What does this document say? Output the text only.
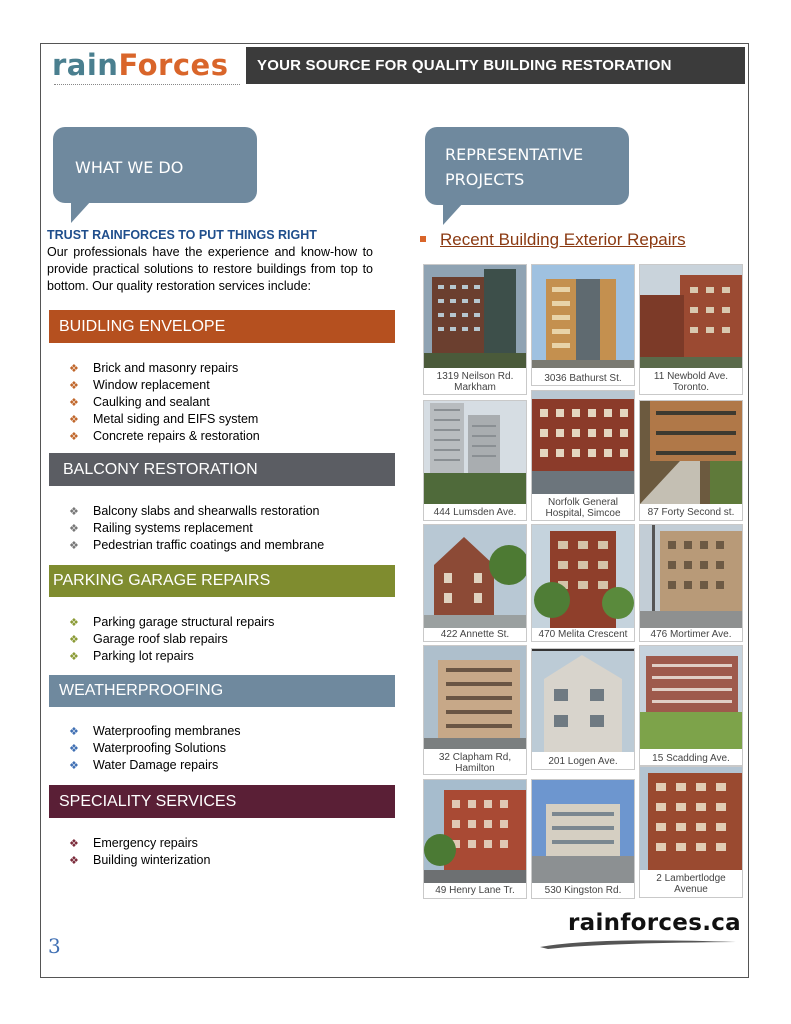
rainForces	YOUR SOURCE FOR QUALITY BUILDING RESTORATION
WHAT WE DO
REPRESENTATIVE
PROJECTS
TRUST RAINFORCES TO PUT THINGS RIGHT
Our professionals have the experience and know-how to provide practical solutions to restore buildings from top to bottom. Our quality restoration services include:
BUIDLING ENVELOPE
❖ Brick and masonry repairs
❖ Window replacement
❖ Caulking and sealant
❖ Metal siding and EIFS system
❖ Concrete repairs & restoration
BALCONY RESTORATION
❖ Balcony slabs and shearwalls restoration
❖ Railing systems replacement
❖ Pedestrian traffic coatings and membrane
PARKING GARAGE REPAIRS
❖ Parking garage structural repairs
❖ Garage roof slab repairs
❖ Parking lot repairs
WEATHERPROOFING
❖ Waterproofing membranes
❖ Waterproofing Solutions
❖ Water Damage repairs
SPECIALITY SERVICES
❖ Emergency repairs
❖ Building winterization
Recent Building Exterior Repairs
1319 Neilson Rd.
Markham
3036 Bathurst St.	11 Newbold Ave.
Toronto.
444 Lumsden Ave.
Norfolk General
Hospital, Simcoe	87 Forty Second st.
422 Annette St.	470 Melita Crescent	476 Mortimer Ave.
32 Clapham Rd,
Hamilton
201 Logen Ave.	15 Scadding Ave.
49 Henry Lane Tr.	530 Kingston Rd.
2 Lambertlodge
Avenue
3
rainforces.ca
